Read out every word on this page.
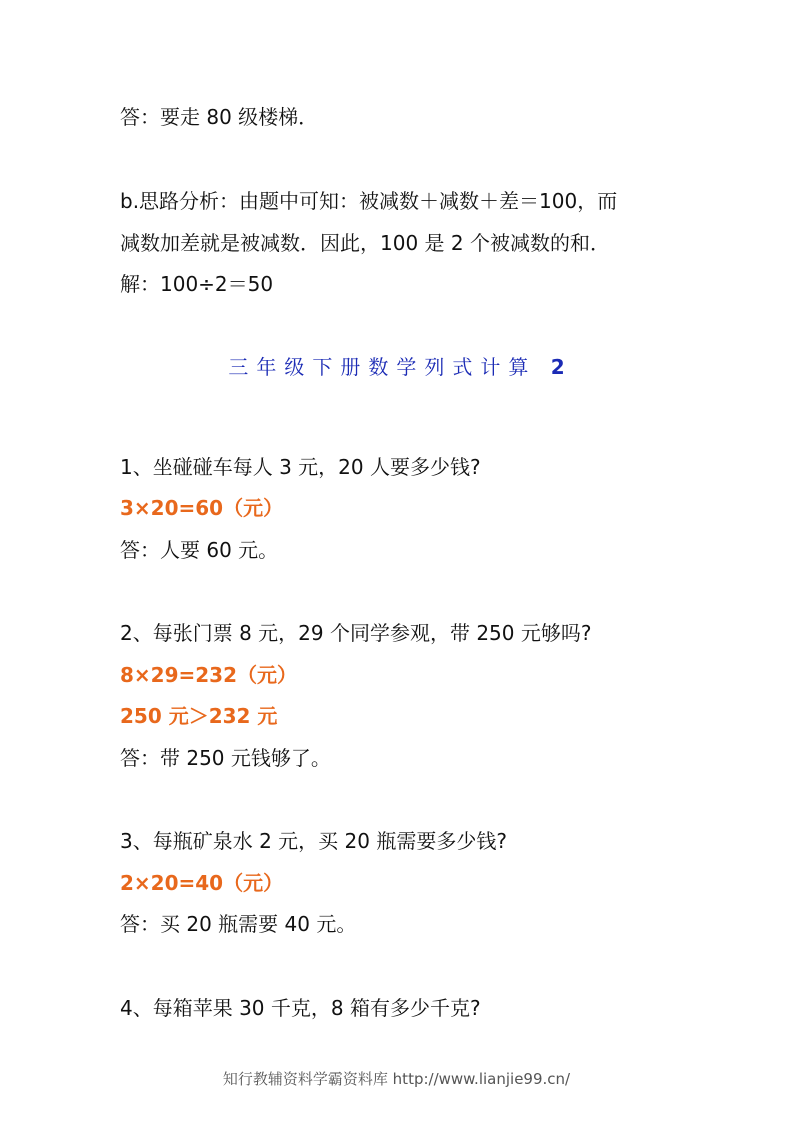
答：要走 80 级楼梯．
b.思路分析：由题中可知：被减数＋减数＋差＝100，而
减数加差就是被减数．因此，100 是 2 个被减数的和．
解：100÷2＝50
三年级下册数学列式计算 2
1、坐碰碰车每人 3 元，20 人要多少钱?
3×20=60（元）
答：人要 60 元。
2、每张门票 8 元，29 个同学参观，带 250 元够吗?
8×29=232（元）
250 元＞232 元
答：带 250 元钱够了。
3、每瓶矿泉水 2 元，买 20 瓶需要多少钱?
2×20=40（元）
答：买 20 瓶需要 40 元。
4、每箱苹果 30 千克，8 箱有多少千克?
知行教辅资料学霸资料库 http://www.lianjie99.cn/
